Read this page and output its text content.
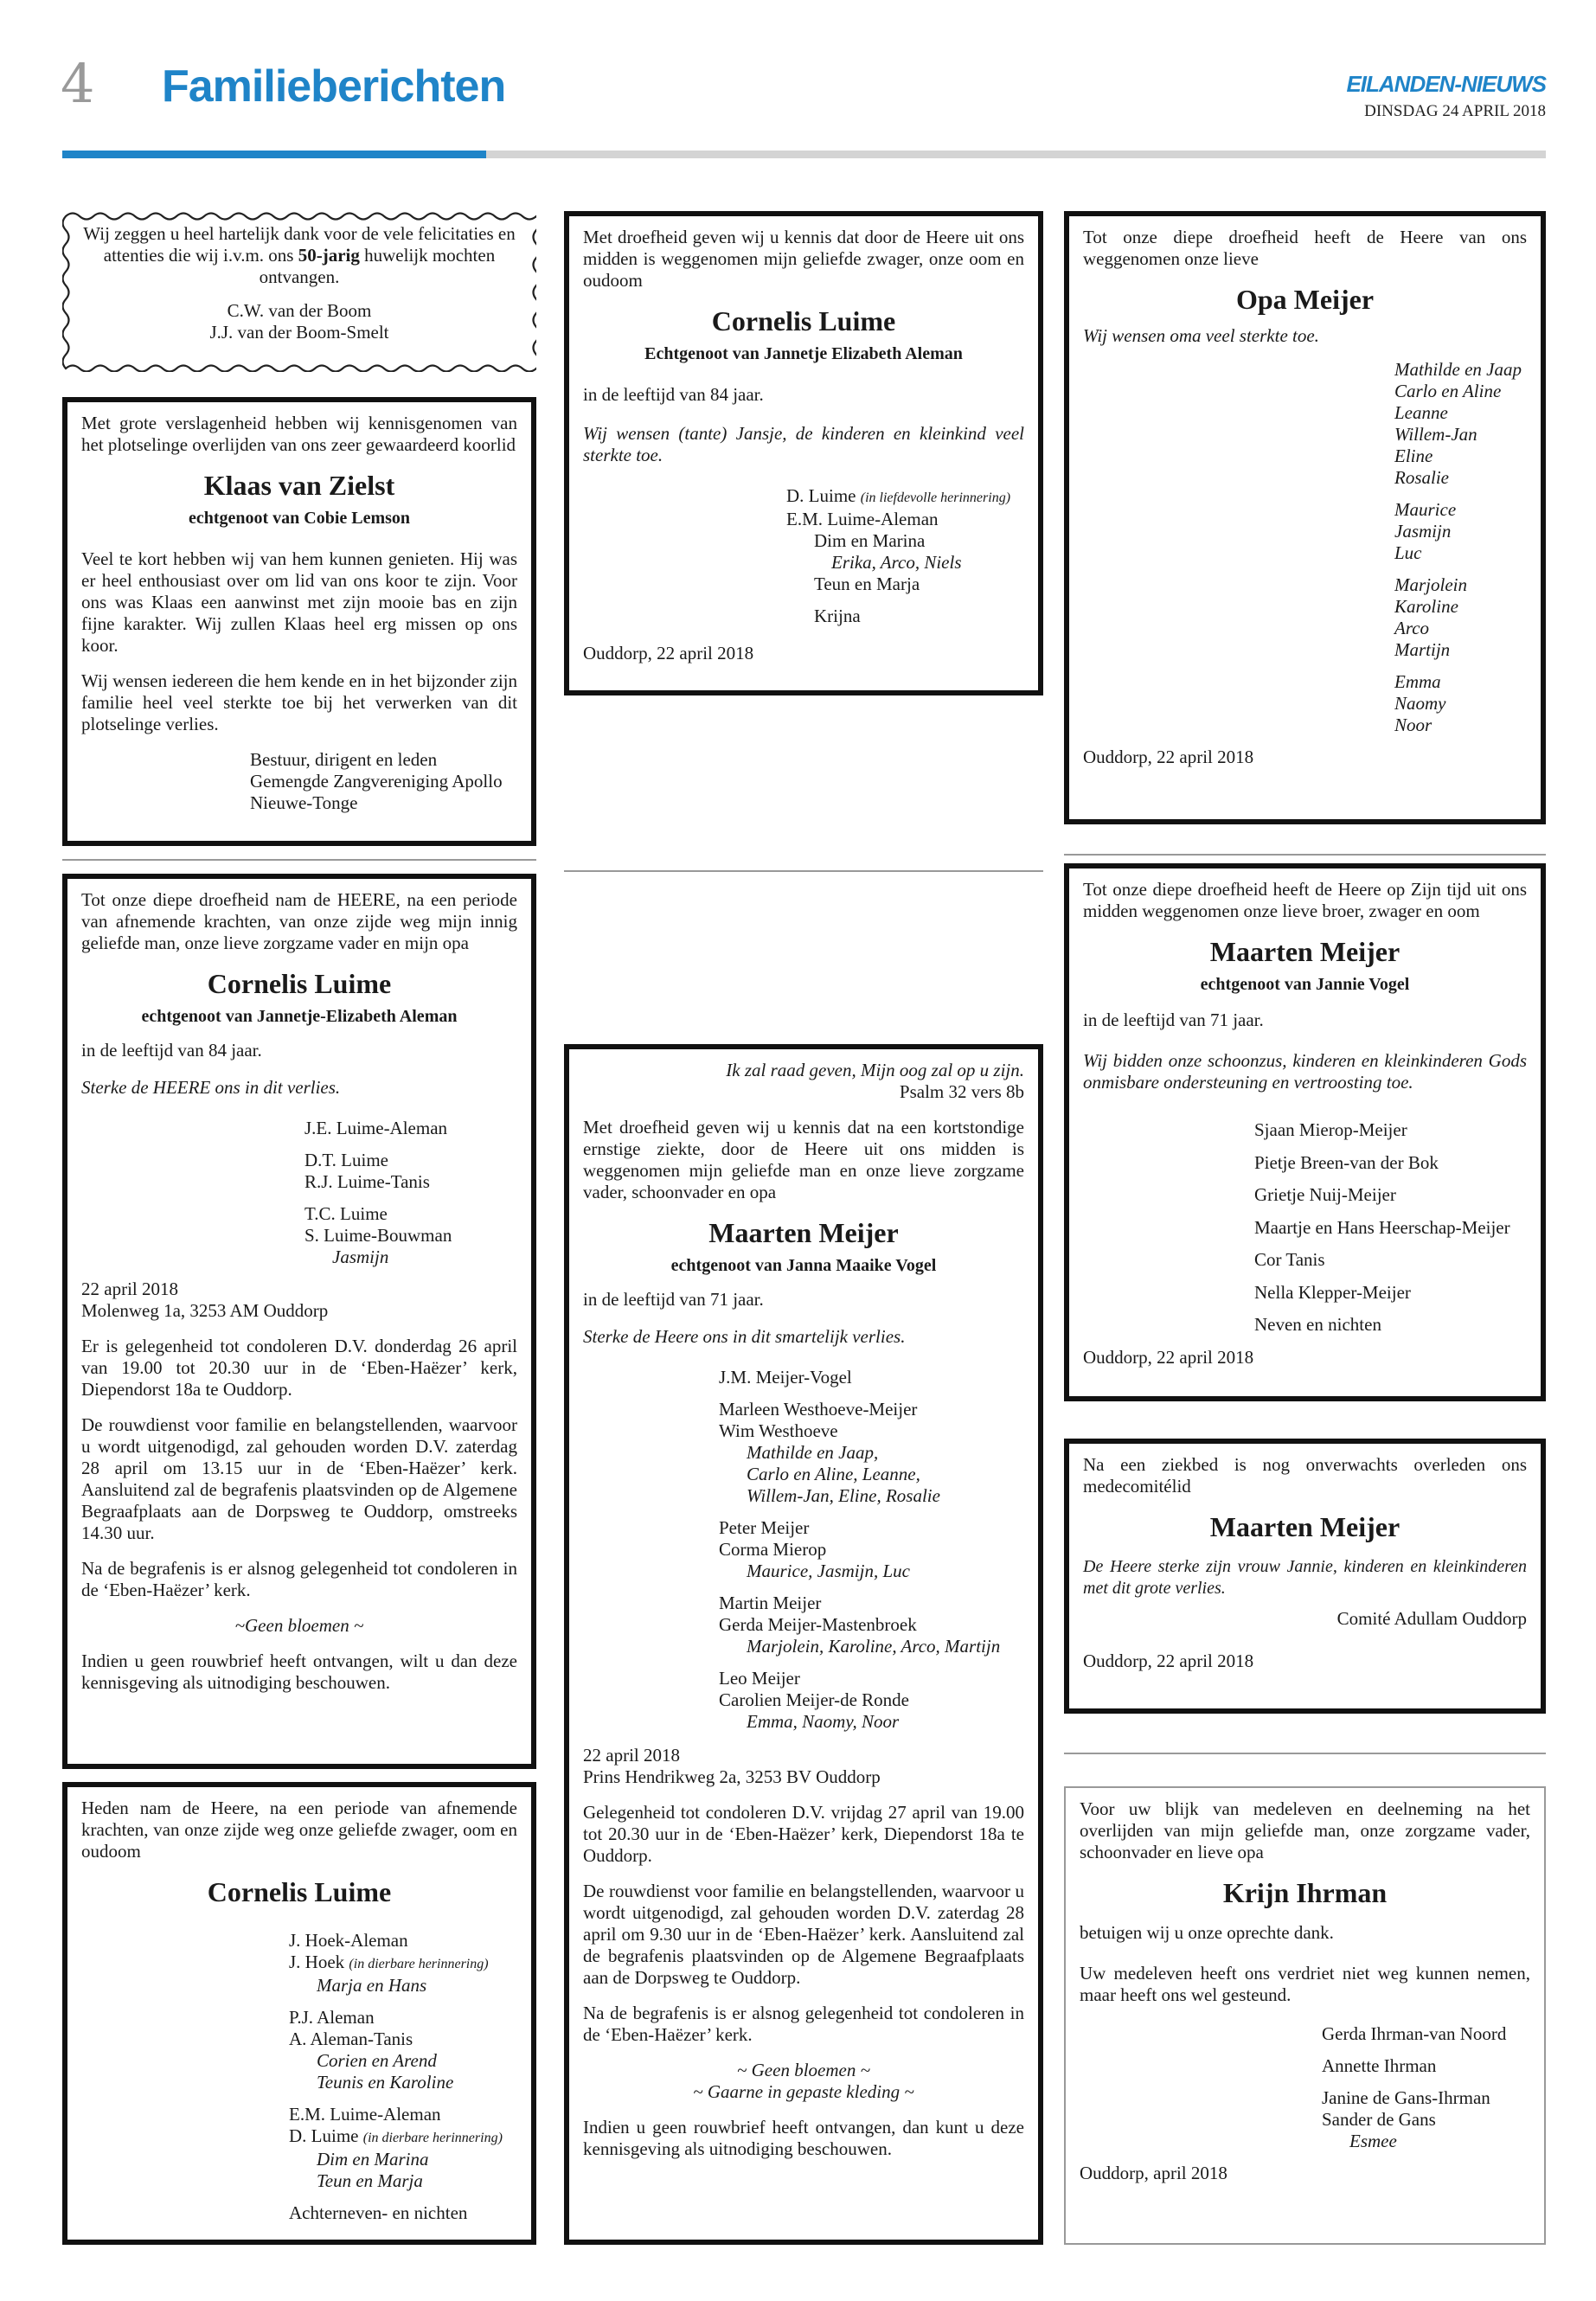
4 Familieberichten	EILANDEN-NIEUWS
DINSDAG 24 APRIL 2018
Wij zeggen u heel hartelijk dank voor de vele felicitaties en attenties die wij i.v.m. ons 50-jarig huwelijk mochten ontvangen.
C.W. van der Boom
J.J. van der Boom-Smelt

Met grote verslagenheid hebben wij kennisgenomen van het plotselinge overlijden van ons zeer gewaardeerd koorlid

Klaas van Zielst
echtgenoot van Cobie Lemson

Veel te kort hebben wij van hem kunnen genieten. Hij was er heel enthousiast over om lid van ons koor te zijn. Voor ons was Klaas een aanwinst met zijn mooie bas en zijn fijne karakter. Wij zullen Klaas heel erg missen op ons koor.

Wij wensen iedereen die hem kende en in het bijzonder zijn familie heel veel sterkte toe bij het verwerken van dit plotselinge verlies.

Bestuur, dirigent en leden
Gemengde Zangvereniging Apollo
Nieuwe-Tonge

Tot onze diepe droefheid nam de HEERE, na een periode van afnemende krachten, van onze zijde weg mijn innig geliefde man, onze lieve zorgzame vader en mijn opa

Cornelis Luime
echtgenoot van Jannetje-Elizabeth Aleman

in de leeftijd van 84 jaar.

Sterke de HEERE ons in dit verlies.

J.E. Luime-Aleman
D.T. Luime
R.J. Luime-Tanis
T.C. Luime
S. Luime-Bouwman
Jasmijn
22 april 2018

Molenweg 1a, 3253 AM Ouddorp

Er is gelegenheid tot condoleren D.V. donderdag 26 april van 19.00 tot 20.30 uur in de ‘Eben-Haëzer’ kerk, Diependorst 18a te Ouddorp.

De rouwdienst voor familie en belangstellenden, waarvoor u wordt uitgenodigd, zal gehouden worden D.V. zaterdag 28 april om 13.15 uur in de ‘Eben-Haëzer’ kerk. Aansluitend zal de begrafenis plaatsvinden op de Algemene Begraafplaats aan de Dorpsweg te Ouddorp, omstreeks 14.30 uur.

Na de begrafenis is er alsnog gelegenheid tot condoleren in de ‘Eben-Haëzer’ kerk.

~Geen bloemen ~

Indien u geen rouwbrief heeft ontvangen, wilt u dan deze kennisgeving als uitnodiging beschouwen.

Heden nam de Heere, na een periode van afnemende krachten, van onze zijde weg onze geliefde zwager, oom en oudoom

Cornelis Luime
J. Hoek-Aleman
J. Hoek (in dierbare herinnering)
Marja en Hans
P.J. Aleman
A. Aleman-Tanis
Corien en Arend
Teunis en Karoline
E.M. Luime-Aleman
D. Luime (in dierbare herinnering)
Dim en Marina
Teun en Marja
Achterneven- en nichten

Met droefheid geven wij u kennis dat door de Heere uit ons midden is weggenomen mijn geliefde zwager, onze oom en oudoom

Cornelis Luime
Echtgenoot van Jannetje Elizabeth Aleman

in de leeftijd van 84 jaar.

Wij wensen (tante) Jansje, de kinderen en kleinkind veel sterkte toe.

D. Luime (in liefdevolle herinnering)
E.M. Luime-Aleman
Dim en Marina
Erika, Arco, Niels
Teun en Marja
Krijna
Ouddorp, 22 april 2018
Ik zal raad geven, Mijn oog zal op u zijn.

Psalm 32 vers 8b

Met droefheid geven wij u kennis dat na een kortstondige ernstige ziekte, door de Heere uit ons midden is weggenomen mijn geliefde man en onze lieve zorgzame vader, schoonvader en opa

Maarten Meijer
echtgenoot van Janna Maaike Vogel

in de leeftijd van 71 jaar.

Sterke de Heere ons in dit smartelijk verlies.

J.M. Meijer-Vogel
Marleen Westhoeve-Meijer
Wim Westhoeve
Mathilde en Jaap,
Carlo en Aline, Leanne,
Willem-Jan, Eline, Rosalie
Peter Meijer
Corma Mierop
Maurice, Jasmijn, Luc
Martin Meijer
Gerda Meijer-Mastenbroek
Marjolein, Karoline, Arco, Martijn
Leo Meijer
Carolien Meijer-de Ronde
Emma, Naomy, Noor
22 april 2018

Prins Hendrikweg 2a, 3253 BV Ouddorp

Gelegenheid tot condoleren D.V. vrijdag 27 april van 19.00 tot 20.30 uur in de ‘Eben-Haëzer’ kerk, Diependorst 18a te Ouddorp.

De rouwdienst voor familie en belangstellenden, waarvoor u wordt uitgenodigd, zal gehouden worden D.V. zaterdag 28 april om 9.30 uur in de ‘Eben-Haëzer’ kerk. Aansluitend zal de begrafenis plaatsvinden op de Algemene Begraafplaats aan de Dorpsweg te Ouddorp.

Na de begrafenis is er alsnog gelegenheid tot condoleren in de ‘Eben-Haëzer’ kerk.

~ Geen bloemen ~

~ Gaarne in gepaste kleding ~

Indien u geen rouwbrief heeft ontvangen, dan kunt u deze kennisgeving als uitnodiging beschouwen.

Tot onze diepe droefheid heeft de Heere van ons weggenomen onze lieve

Opa Meijer

Wij wensen oma veel sterkte toe.

Mathilde en Jaap
Carlo en Aline
Leanne
Willem-Jan
Eline
Rosalie
Maurice
Jasmijn
Luc
Marjolein
Karoline
Arco
Martijn
Emma
Naomy
Noor
Ouddorp, 22 april 2018

Tot onze diepe droefheid heeft de Heere op Zijn tijd uit ons midden weggenomen onze lieve broer, zwager en oom

Maarten Meijer
echtgenoot van Jannie Vogel

in de leeftijd van 71 jaar.

Wij bidden onze schoonzus, kinderen en kleinkinderen Gods onmisbare ondersteuning en vertroosting toe.

Sjaan Mierop-Meijer
Pietje Breen-van der Bok
Grietje Nuij-Meijer
Maartje en Hans Heerschap-Meijer
Cor Tanis
Nella Klepper-Meijer
Neven en nichten
Ouddorp, 22 april 2018

Na een ziekbed is nog onverwachts overleden ons medecomitélid

Maarten Meijer

De Heere sterke zijn vrouw Jannie, kinderen en kleinkinderen met dit grote verlies.

Comité Adullam Ouddorp
Ouddorp, 22 april 2018

Voor uw blijk van medeleven en deelneming na het overlijden van mijn geliefde man, onze zorgzame vader, schoonvader en lieve opa

Krijn Ihrman

betuigen wij u onze oprechte dank.

Uw medeleven heeft ons verdriet niet weg kunnen nemen, maar heeft ons wel gesteund.

Gerda Ihrman-van Noord
Annette Ihrman
Janine de Gans-Ihrman
Sander de Gans
Esmee
Ouddorp, april 2018
